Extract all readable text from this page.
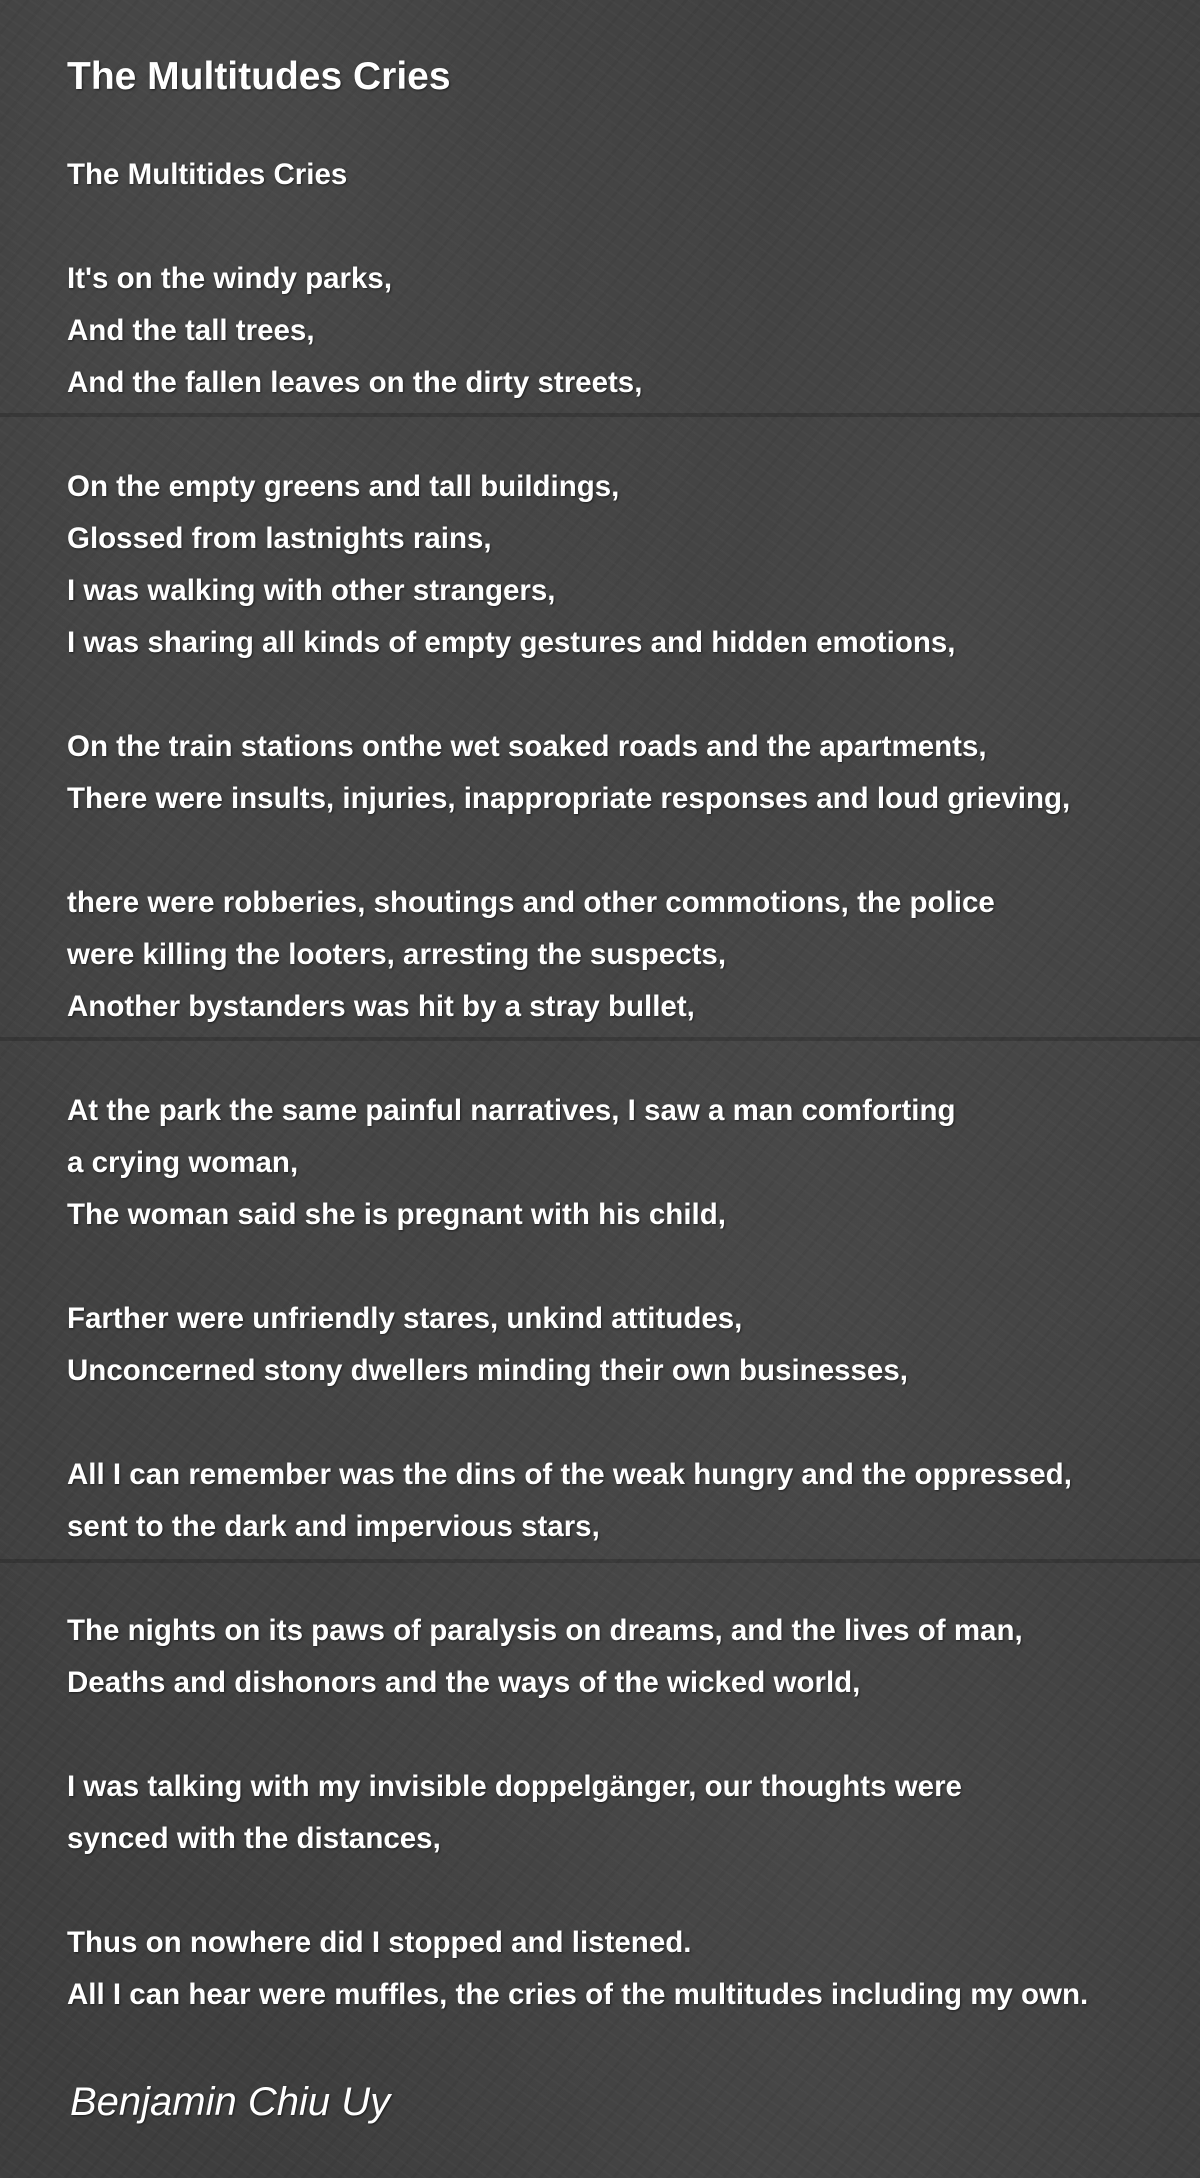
The Multitudes Cries
The Multitides Cries

It's on the windy parks,
And the tall trees,
And the fallen leaves on the dirty streets,

On the empty greens and tall buildings,
Glossed from lastnights rains,
I was walking with other strangers,
I was sharing all kinds of empty gestures and hidden emotions,

On the train stations onthe wet soaked roads and the apartments,
There were insults, injuries, inappropriate responses and loud grieving,

there were robberies, shoutings and other commotions, the police
were killing the looters, arresting the suspects,
Another bystanders was hit by a stray bullet,

At the park the same painful narratives, I saw a man comforting
a crying woman,
The woman said she is pregnant with his child,

Farther were unfriendly stares, unkind attitudes,
Unconcerned stony dwellers minding their own businesses,

All I can remember was the dins of the weak hungry and the oppressed,
sent to the dark and impervious stars,

The nights on its paws of paralysis on dreams, and the lives of man,
Deaths and dishonors and the ways of the wicked world,

I was talking with my invisible doppelgänger, our thoughts were
synced with the distances,

Thus on nowhere did I stopped and listened.
All I can hear were muffles, the cries of the multitudes including my own.

Benjamin Chiu Uy
